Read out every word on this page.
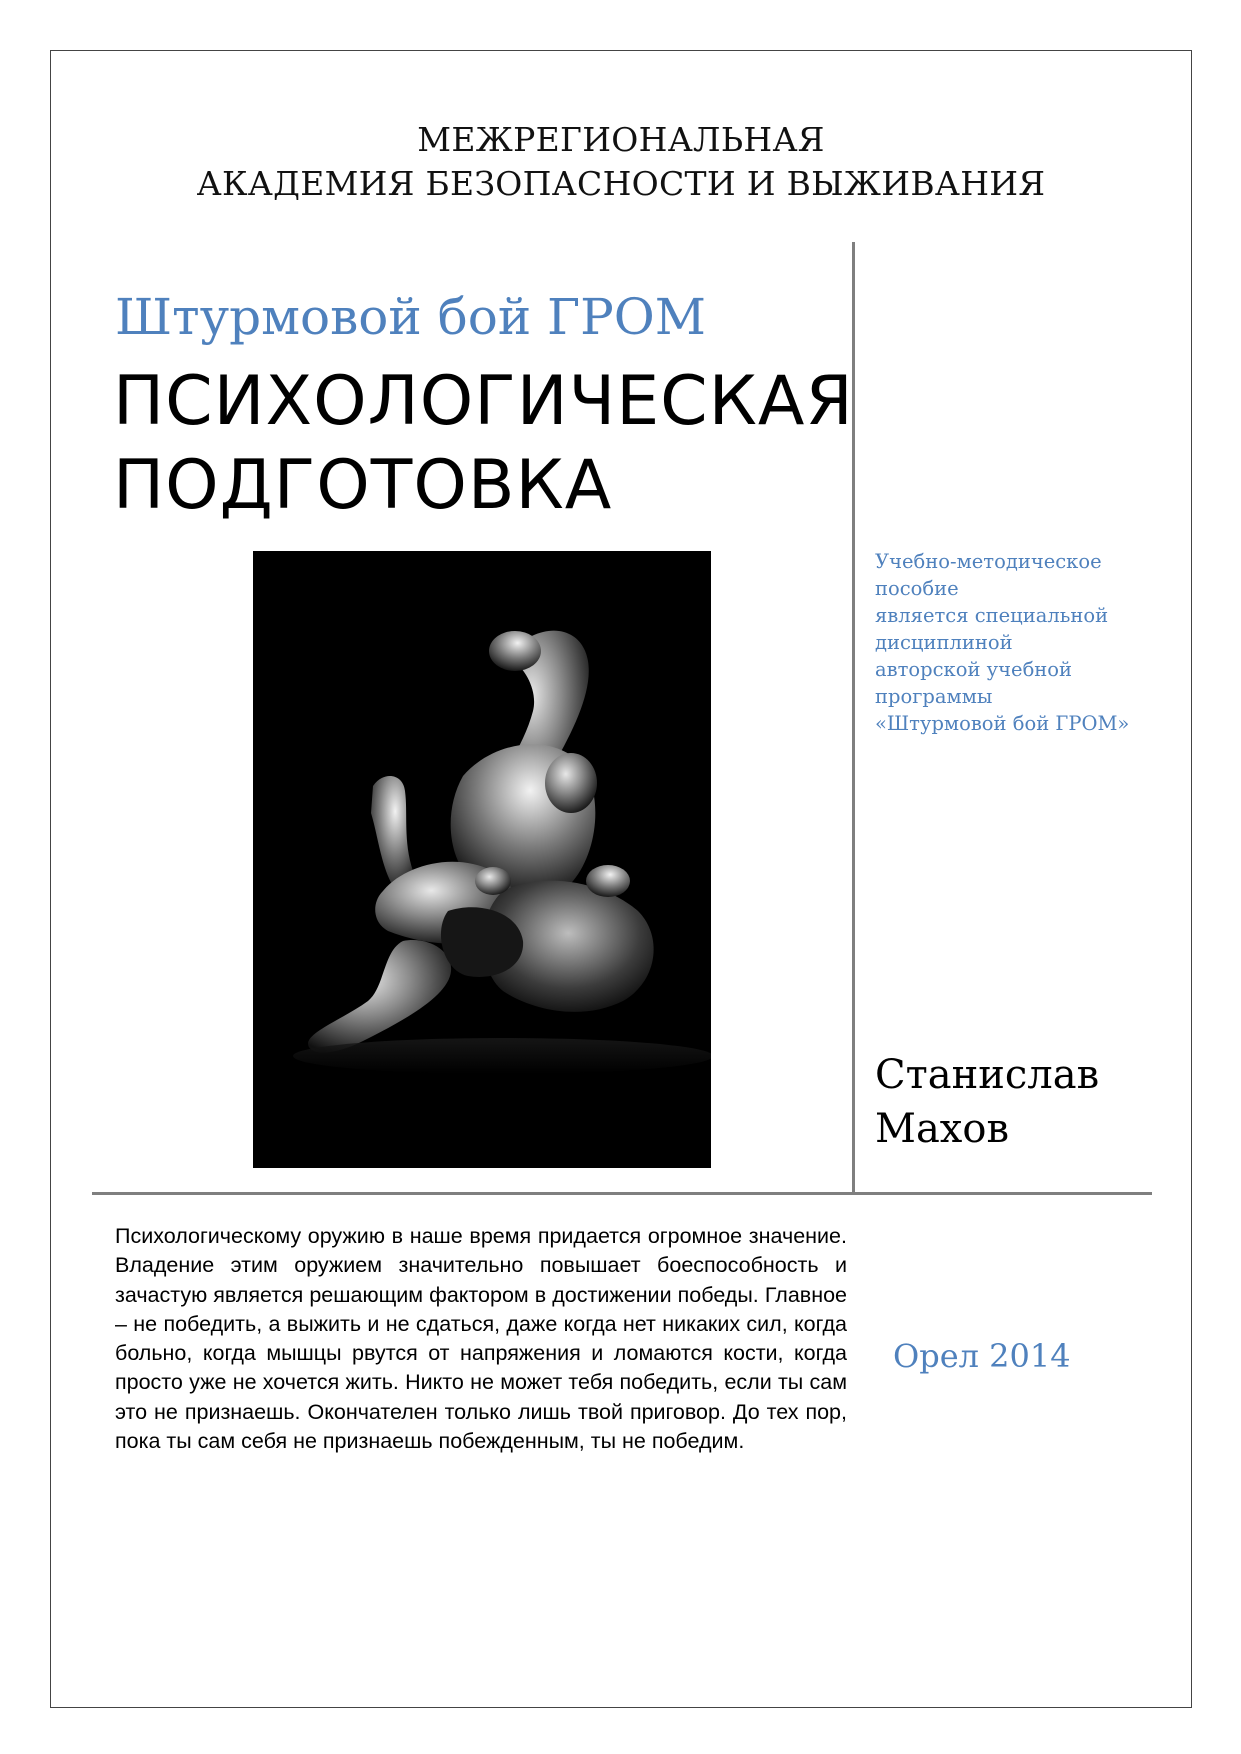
МЕЖРЕГИОНАЛЬНАЯ
АКАДЕМИЯ БЕЗОПАСНОСТИ И ВЫЖИВАНИЯ
Штурмовой бой ГРОМ
ПСИХОЛОГИЧЕСКАЯ
ПОДГОТОВКА
Учебно-методическое
пособие
является специальной
дисциплиной
авторской учебной
программы
«Штурмовой бой ГРОМ»
Станислав
Махов

Психологическому оружию в наше время придается огромное значение. Владение этим оружием значительно повышает боеспособность и зачастую является решающим фактором в достижении победы. Главное – не победить, а выжить и не сдаться, даже когда нет никаких сил, когда больно, когда мышцы рвутся от напряжения и ломаются кости, когда просто уже не хочется жить. Никто не может тебя победить, если ты сам это не признаешь. Окончателен только лишь твой приговор. До тех пор, пока ты сам себя не признаешь побежденным, ты не победим.

Орел 2014
